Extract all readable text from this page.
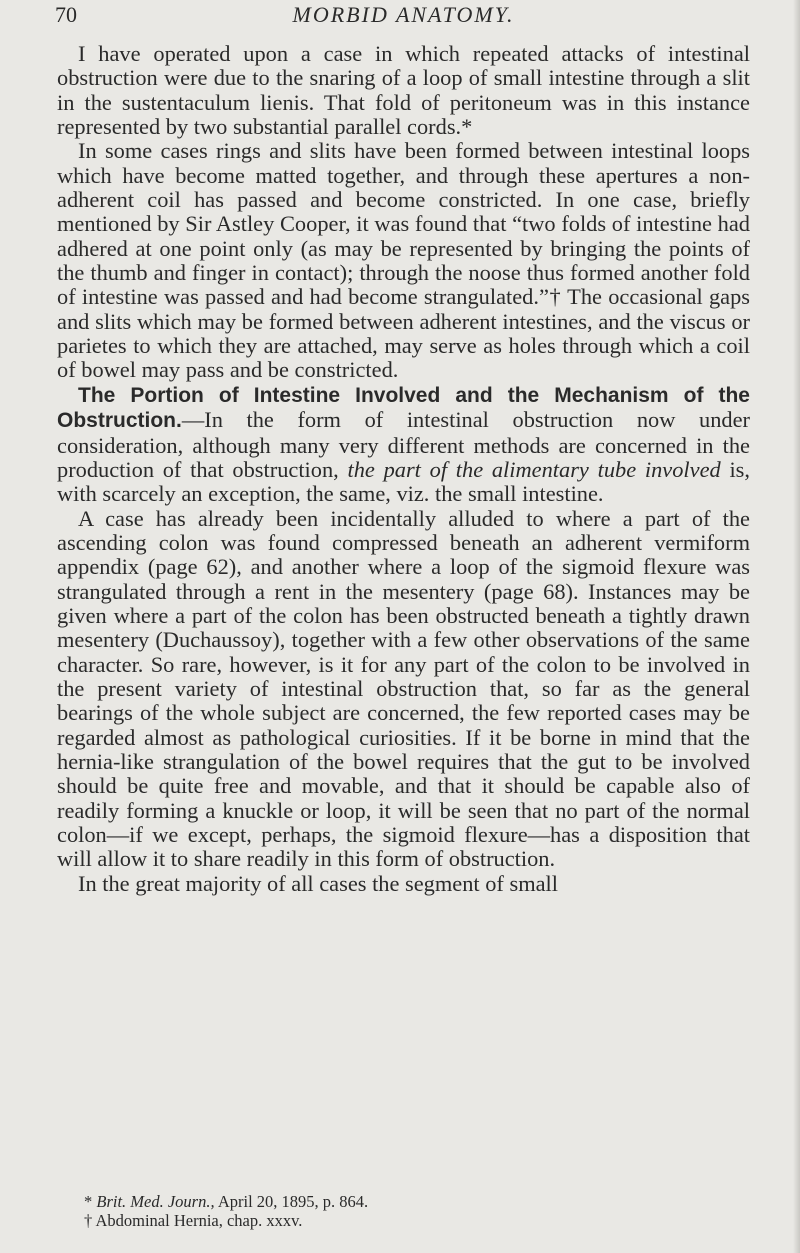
70	MORBID ANATOMY.

I have operated upon a case in which repeated attacks of intestinal obstruction were due to the snaring of a loop of small intestine through a slit in the sustentaculum lienis. That fold of peritoneum was in this instance represented by two substantial parallel cords.*

In some cases rings and slits have been formed between intestinal loops which have become matted together, and through these apertures a non-adherent coil has passed and become constricted. In one case, briefly mentioned by Sir Astley Cooper, it was found that “two folds of intestine had adhered at one point only (as may be represented by bringing the points of the thumb and finger in contact); through the noose thus formed another fold of intestine was passed and had become strangulated.”† The occasional gaps and slits which may be formed between adherent intestines, and the viscus or parietes to which they are attached, may serve as holes through which a coil of bowel may pass and be constricted.

The Portion of Intestine Involved and the Mechanism of the Obstruction.—In the form of intestinal obstruction now under consideration, although many very different methods are concerned in the production of that obstruction, the part of the alimentary tube involved is, with scarcely an exception, the same, viz. the small intestine.

A case has already been incidentally alluded to where a part of the ascending colon was found compressed beneath an adherent vermiform appendix (page 62), and another where a loop of the sigmoid flexure was strangulated through a rent in the mesentery (page 68). Instances may be given where a part of the colon has been obstructed beneath a tightly drawn mesentery (Duchaussoy), together with a few other observations of the same character. So rare, however, is it for any part of the colon to be involved in the present variety of intestinal obstruction that, so far as the general bearings of the whole subject are concerned, the few reported cases may be regarded almost as pathological curiosities. If it be borne in mind that the hernia-like strangulation of the bowel requires that the gut to be involved should be quite free and movable, and that it should be capable also of readily forming a knuckle or loop, it will be seen that no part of the normal colon—if we except, perhaps, the sigmoid flexure—has a disposition that will allow it to share readily in this form of obstruction.

In the great majority of all cases the segment of small

* Brit. Med. Journ., April 20, 1895, p. 864.
† Abdominal Hernia, chap. xxxv.
